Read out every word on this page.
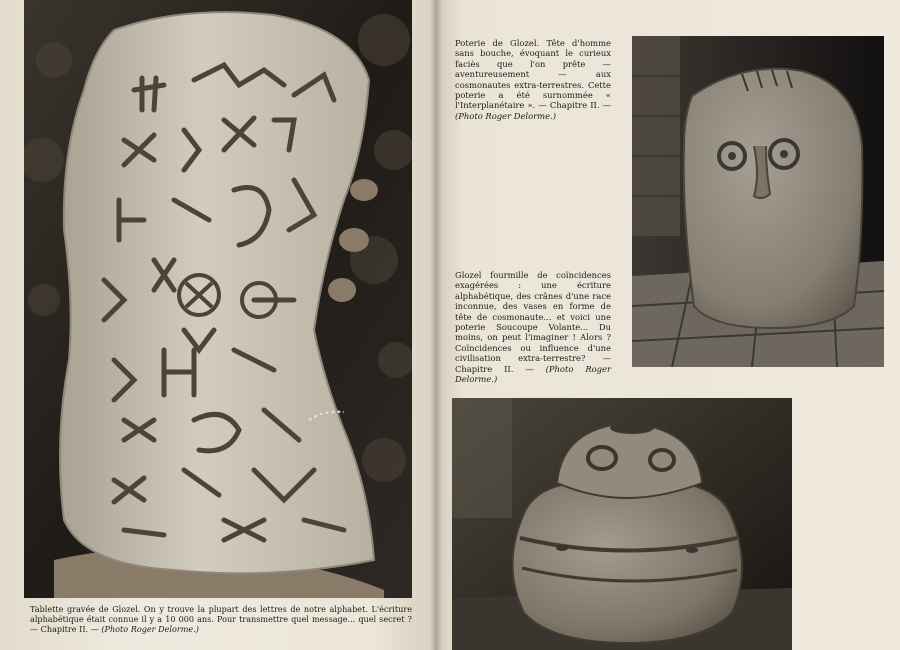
Tablette gravée de Glozel. On y trouve la plupart des lettres de notre alphabet. L'écriture alphabétique était connue il y a 10 000 ans. Pour transmettre quel message... quel secret ? — Chapitre II. — (Photo Roger Delorme.)

Poterie de Glozel. Tête d'homme sans bouche, évoquant le curieux faciès que l'on prête — aventureusement — aux cosmonautes extra-terrestres. Cette poterie a été surnommée « l'Interplanétaire ». — Chapitre II. — (Photo Roger Delorme.)

Glozel fourmille de coïncidences exagérées : une écriture alphabétique, des crânes d'une race inconnue, des vases en forme de tête de cosmonaute... et voici une poterie Soucoupe Volante... Du moins, on peut l'imaginer ! Alors ? Coïncidences ou influence d'une civilisation extra-terrestre? — Chapitre II. — (Photo Roger Delorme.)
